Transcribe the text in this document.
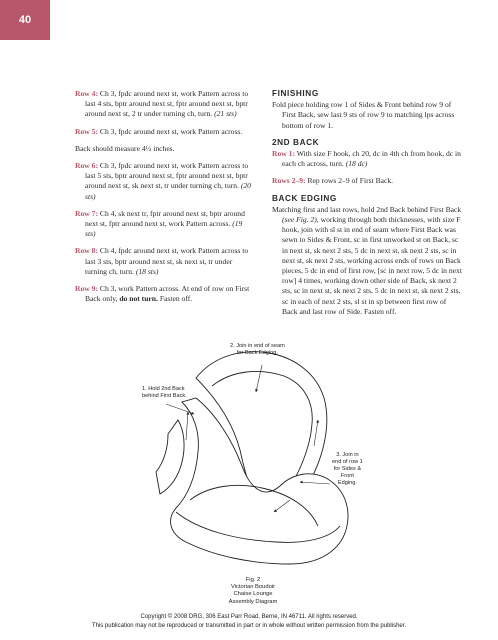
40

Row 4: Ch 3, fpdc around next st, work Pattern across to last 4 sts, bptr around next st, fptr around next st, bptr around next st, 2 tr under turning ch, turn. (21 sts)

Row 5: Ch 3, fpdc around next st, work Pattern across.

Back should measure 4½ inches.

Row 6: Ch 3, fpdc around next st, work Pattern across to last 5 sts, bptr around next st, fptr around next st, bptr around next st, sk next st, tr under turning ch, turn. (20 sts)

Row 7: Ch 4, sk next tr, fptr around next st, bptr around next st, fptr around next st, work Pattern across. (19 sts)

Row 8: Ch 4, fpdc around next st, work Pattern across to last 3 sts, bptr around next st, sk next st, tr under turning ch, turn. (18 sts)

Row 9: Ch 3, work Pattern across. At end of row on First Back only, do not turn. Fasten off.

FINISHING

Fold piece holding row 1 of Sides & Front behind row 9 of First Back, sew last 9 sts of row 9 to matching lps across bottom of row 1.

2ND BACK

Row 1: With size F hook, ch 20, dc in 4th ch from hook, dc in each ch across, turn. (18 dc)

Rows 2–9: Rep rows 2–9 of First Back.

BACK EDGING

Matching first and last rows, hold 2nd Back behind First Back (see Fig. 2), working through both thicknesses, with size F hook, join with sl st in end of seam where First Back was sewn to Sides & Front, sc in first unworked st on Back, sc in next st, sk next 2 sts, 5 dc in next st, sk next 2 sts, sc in next st, sk next 2 sts, working across ends of rows on Back pieces, 5 dc in end of first row, [sc in next row, 5 dc in next row] 4 times, working down other side of Back, sk next 2 sts, sc in next st, sk next 2 sts, 5 dc in next st, sk next 2 sts, sc in each of next 2 sts, sl st in sp between first row of Back and last row of Side. Fasten off.

1. Hold 2nd Back
behind First Back.
2. Join in end of seam
for Back Edging.
3. Join in
end of row 1
for Sides &
Front
Edging.
Fig. 2
Victorian Boudoir
Chaise Lounge
Assembly Diagram
Copyright © 2008 DRG, 306 East Parr Road, Berne, IN 46711. All rights reserved.
This publication may not be reproduced or transmitted in part or in whole without written permission from the publisher.
